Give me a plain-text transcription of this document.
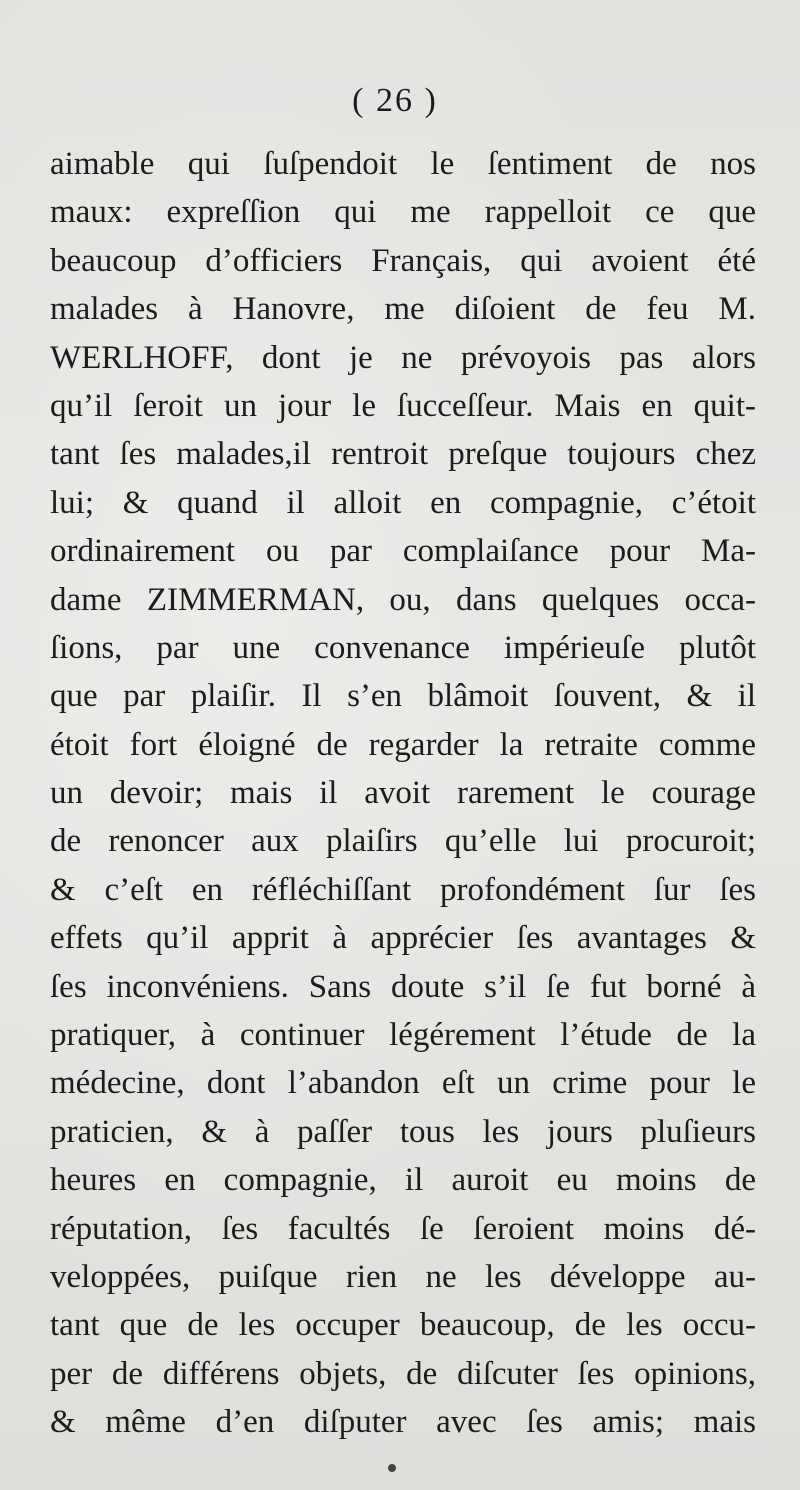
( 26 )
aimable qui ſuſpendoit le ſentiment de nos
maux: expreſſion qui me rappelloit ce que
beaucoup d’officiers Français, qui avoient été
malades à Hanovre, me diſoient de feu M.
WERLHOFF, dont je ne prévoyois pas alors
qu’il ſeroit un jour le ſucceſſeur. Mais en quit-
tant ſes malades,il rentroit preſque toujours chez
lui; & quand il alloit en compagnie, c’étoit
ordinairement ou par complaiſance pour Ma-
dame ZIMMERMAN, ou, dans quelques occa-
ſions, par une convenance impérieuſe plutôt
que par plaiſir. Il s’en blâmoit ſouvent, & il
étoit fort éloigné de regarder la retraite comme
un devoir; mais il avoit rarement le courage
de renoncer aux plaiſirs qu’elle lui procuroit;
& c’eſt en réfléchiſſant profondément ſur ſes
effets qu’il apprit à apprécier ſes avantages &
ſes inconvéniens. Sans doute s’il ſe fut borné à
pratiquer, à continuer légérement l’étude de la
médecine, dont l’abandon eſt un crime pour le
praticien, & à paſſer tous les jours pluſieurs
heures en compagnie, il auroit eu moins de
réputation, ſes facultés ſe ſeroient moins dé-
veloppées, puiſque rien ne les développe au-
tant que de les occuper beaucoup, de les occu-
per de différens objets, de diſcuter ſes opinions,
& même d’en diſputer avec ſes amis; mais
